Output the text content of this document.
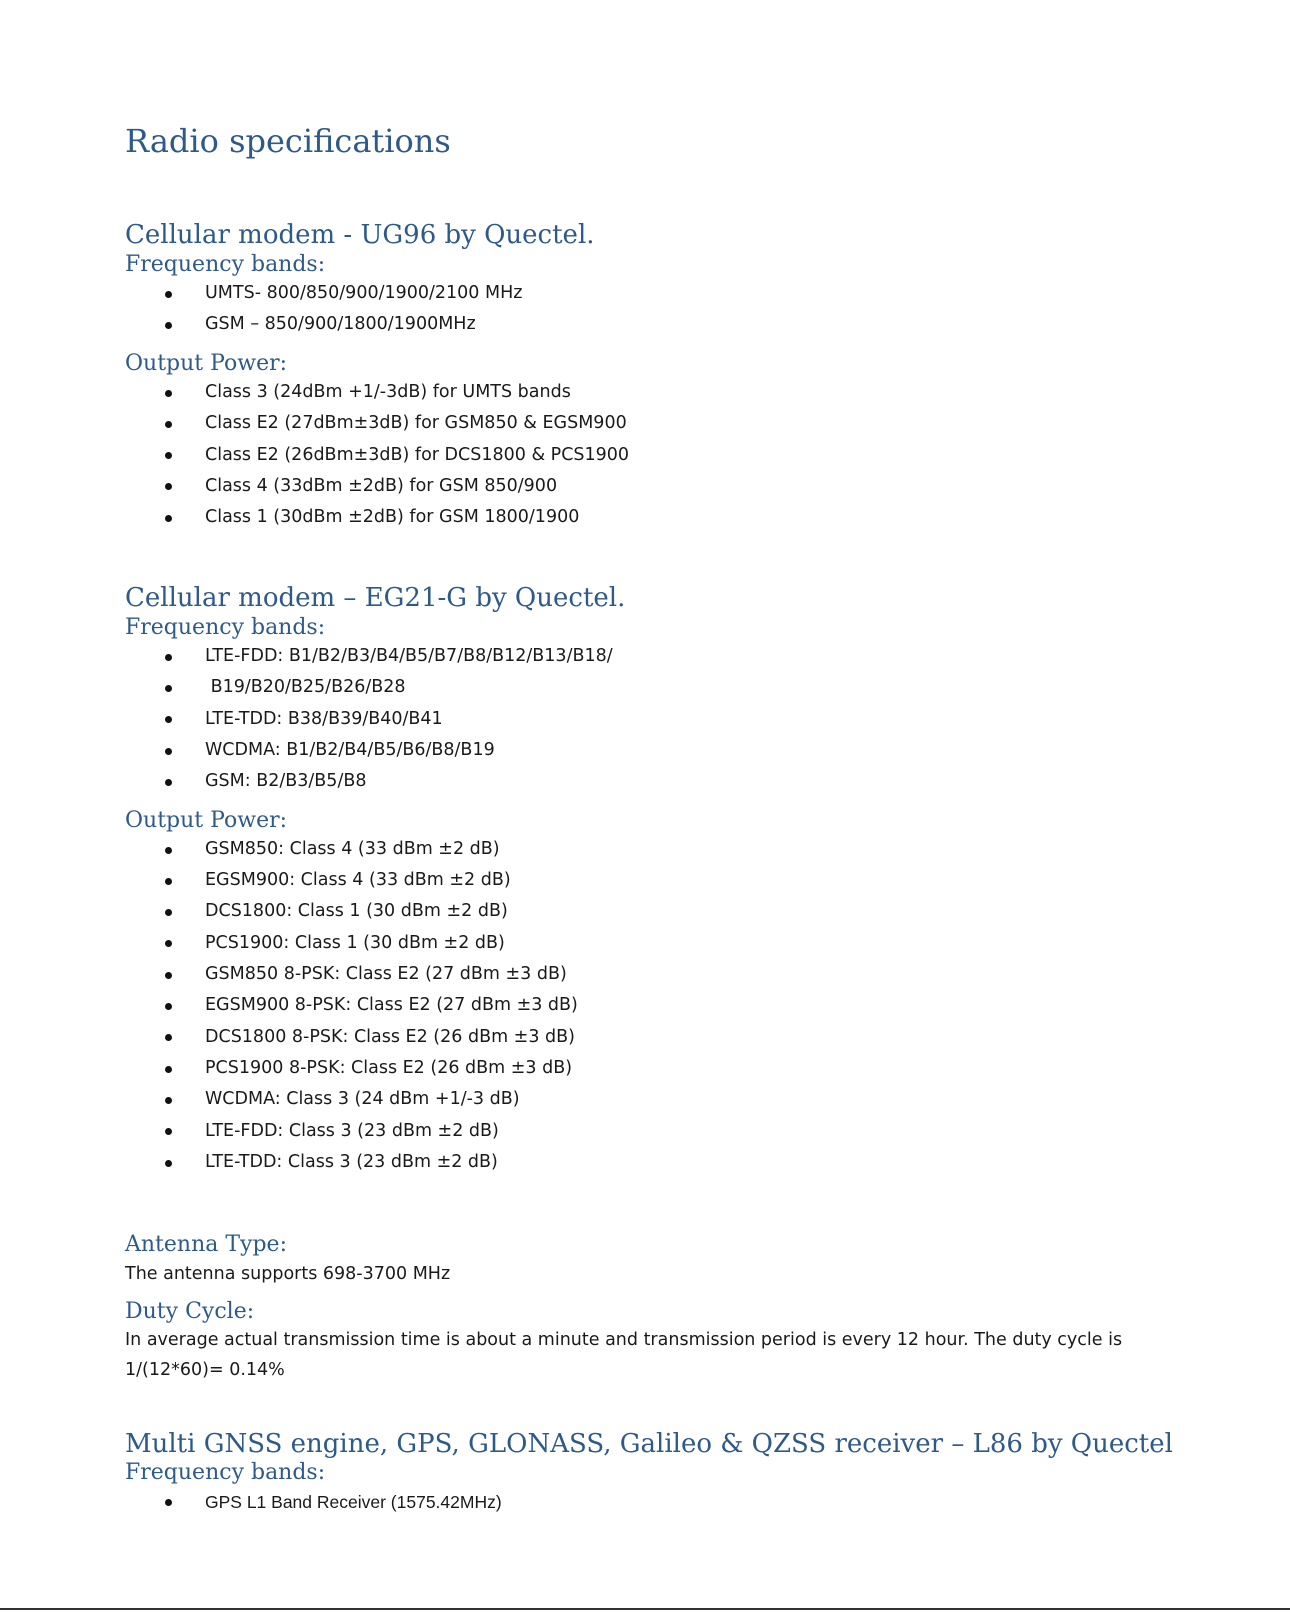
Radio specifications
Cellular modem - UG96 by Quectel.
Frequency bands:
UMTS- 800/850/900/1900/2100 MHz
GSM – 850/900/1800/1900MHz
Output Power:
Class 3 (24dBm +1/-3dB) for UMTS bands
Class E2 (27dBm±3dB) for GSM850 & EGSM900
Class E2 (26dBm±3dB) for DCS1800 & PCS1900
Class 4 (33dBm ±2dB) for GSM 850/900
Class 1 (30dBm ±2dB) for GSM 1800/1900
Cellular modem – EG21-G by Quectel.
Frequency bands:
LTE-FDD: B1/B2/B3/B4/B5/B7/B8/B12/B13/B18/
B19/B20/B25/B26/B28
LTE-TDD: B38/B39/B40/B41
WCDMA: B1/B2/B4/B5/B6/B8/B19
GSM: B2/B3/B5/B8
Output Power:
GSM850: Class 4 (33 dBm ±2 dB)
EGSM900: Class 4 (33 dBm ±2 dB)
DCS1800: Class 1 (30 dBm ±2 dB)
PCS1900: Class 1 (30 dBm ±2 dB)
GSM850 8-PSK: Class E2 (27 dBm ±3 dB)
EGSM900 8-PSK: Class E2 (27 dBm ±3 dB)
DCS1800 8-PSK: Class E2 (26 dBm ±3 dB)
PCS1900 8-PSK: Class E2 (26 dBm ±3 dB)
WCDMA: Class 3 (24 dBm +1/-3 dB)
LTE-FDD: Class 3 (23 dBm ±2 dB)
LTE-TDD: Class 3 (23 dBm ±2 dB)
Antenna Type:

The antenna supports 698-3700 MHz

Duty Cycle:

In average actual transmission time is about a minute and transmission period is every 12 hour. The duty cycle is 1/(12*60)= 0.14%

Multi GNSS engine, GPS, GLONASS, Galileo & QZSS receiver – L86 by Quectel
Frequency bands:
GPS L1 Band Receiver (1575.42MHz)
